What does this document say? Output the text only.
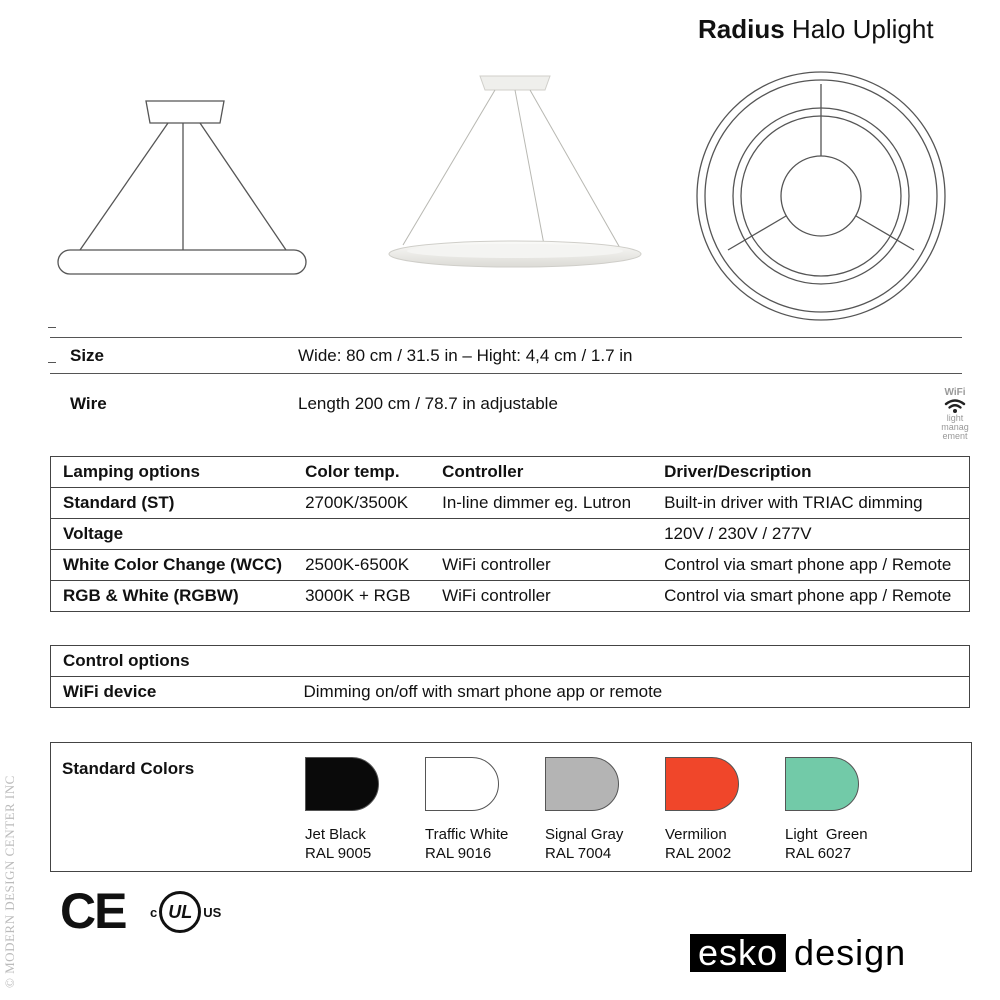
Radius Halo Uplight
Size	Wide: 80 cm / 31.5 in – Hight: 4,4 cm / 1.7 in
Wire	Length 200 cm / 78.7 in adjustable
WiFi
light
manag
ement
Lamping options	Color temp.	Controller	Driver/Description
Standard (ST)	2700K/3500K	In-line dimmer eg. Lutron	Built-in driver with TRIAC dimming
Voltage			120V / 230V / 277V
White Color Change (WCC)	2500K-6500K	WiFi controller	Control via smart phone app / Remote
RGB & White (RGBW)	3000K + RGB	WiFi controller	Control via smart phone app / Remote
Control options
WiFi device	Dimming on/off with smart phone app or remote
Standard Colors
Jet Black
RAL 9005
Traffic White
RAL 9016
Signal Gray
RAL 7004
Vermilion
RAL 2002
Light  Green
RAL 6027
CE c UL US
esko design
© MODERN DESIGN CENTER INC
